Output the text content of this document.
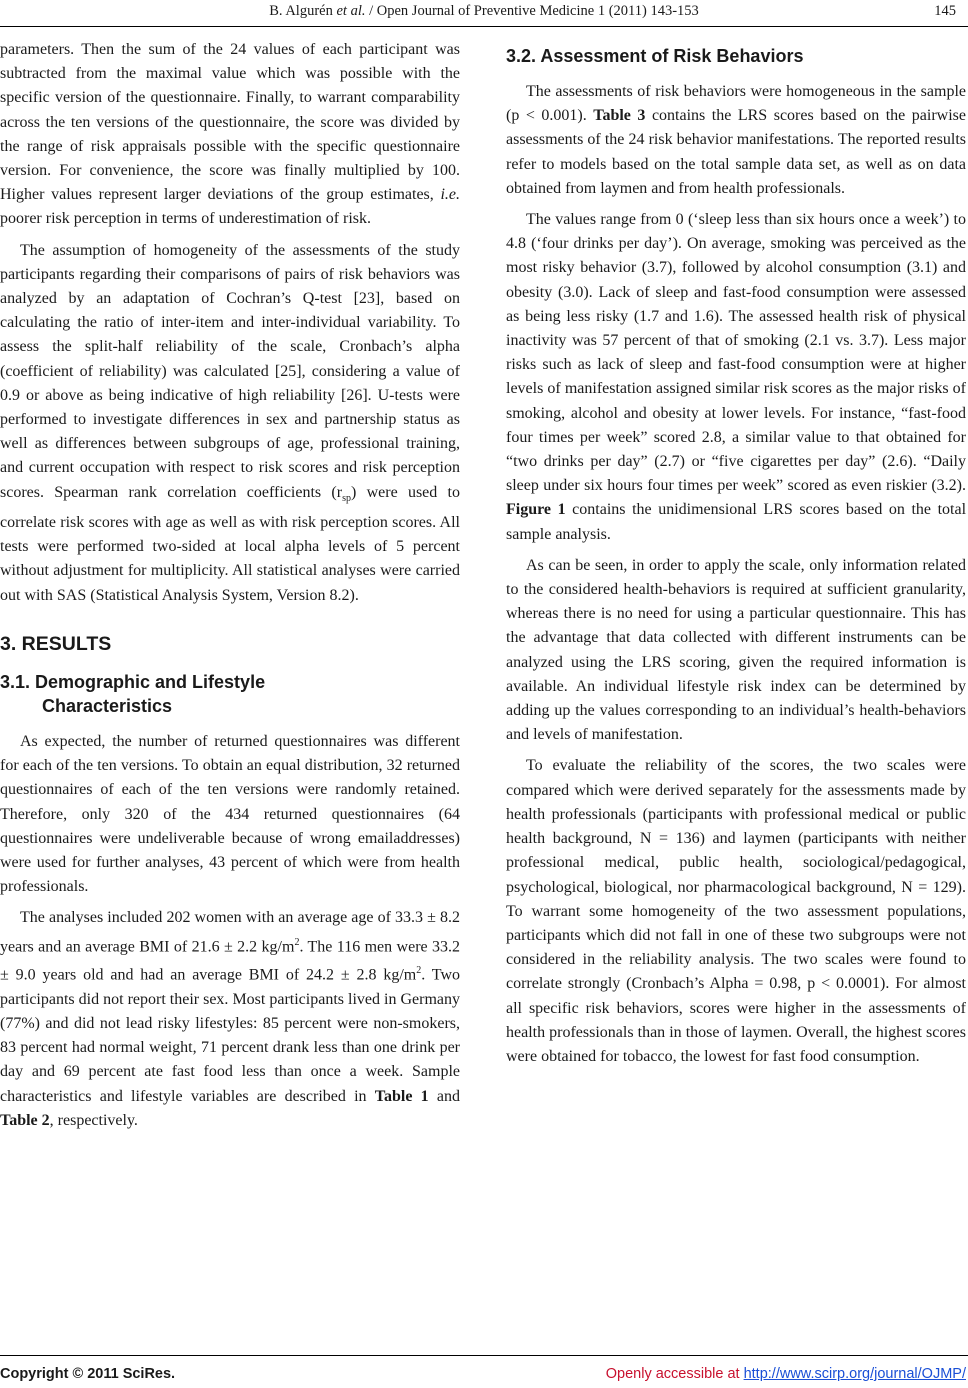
B. Algurén et al. / Open Journal of Preventive Medicine 1 (2011) 143-153	145

parameters. Then the sum of the 24 values of each participant was subtracted from the maximal value which was possible with the specific version of the questionnaire. Finally, to warrant comparability across the ten versions of the questionnaire, the score was divided by the range of risk appraisals possible with the specific questionnaire version. For convenience, the score was finally multiplied by 100. Higher values represent larger deviations of the group estimates, i.e. poorer risk perception in terms of underestimation of risk.

The assumption of homogeneity of the assessments of the study participants regarding their comparisons of pairs of risk behaviors was analyzed by an adaptation of Cochran’s Q-test [23], based on calculating the ratio of inter-item and inter-individual variability. To assess the split-half reliability of the scale, Cronbach’s alpha (coefficient of reliability) was calculated [25], considering a value of 0.9 or above as being indicative of high reliability [26]. U-tests were performed to investigate differences in sex and partnership status as well as differences between subgroups of age, professional training, and current occupation with respect to risk scores and risk perception scores. Spearman rank correlation coefficients $(r_{sp})$ were used to correlate risk scores with age as well as with risk perception scores. All tests were performed two-sided at local alpha levels of 5 percent without adjustment for multiplicity. All statistical analyses were carried out with SAS (Statistical Analysis System, Version 8.2).

3. RESULTS
3.1. Demographic and Lifestyle
Characteristics

As expected, the number of returned questionnaires was different for each of the ten versions. To obtain an equal distribution, 32 returned questionnaires of each of the ten versions were randomly retained. Therefore, only 320 of the 434 returned questionnaires (64 questionnaires were undeliverable because of wrong emailaddresses) were used for further analyses, 43 percent of which were from health professionals.

The analyses included 202 women with an average age of 33.3 ± 8.2 years and an average BMI of 21.6 ± 2.2 $kg/m^2$. The 116 men were 33.2 ± 9.0 years old and had an average BMI of 24.2 ± 2.8 $kg/m^2$. Two participants did not report their sex. Most participants lived in Germany (77%) and did not lead risky lifestyles: 85 percent were non-smokers, 83 percent had normal weight, 71 percent drank less than one drink per day and 69 percent ate fast food less than once a week. Sample characteristics and lifestyle variables are described in Table 1 and Table 2, respectively.

3.2. Assessment of Risk Behaviors

The assessments of risk behaviors were homogeneous in the sample (p < 0.001). Table 3 contains the LRS scores based on the pairwise assessments of the 24 risk behavior manifestations. The reported results refer to models based on the total sample data set, as well as on data obtained from laymen and from health professionals.

The values range from 0 (‘sleep less than six hours once a week’) to 4.8 (‘four drinks per day’). On average, smoking was perceived as the most risky behavior (3.7), followed by alcohol consumption (3.1) and obesity (3.0). Lack of sleep and fast-food consumption were assessed as being less risky (1.7 and 1.6). The assessed health risk of physical inactivity was 57 percent of that of smoking (2.1 vs. 3.7). Less major risks such as lack of sleep and fast-food consumption were at higher levels of manifestation assigned similar risk scores as the major risks of smoking, alcohol and obesity at lower levels. For instance, “fast-food four times per week” scored 2.8, a similar value to that obtained for “two drinks per day” (2.7) or “five cigarettes per day” (2.6). “Daily sleep under six hours four times per week” scored as even riskier (3.2). Figure 1 contains the unidimensional LRS scores based on the total sample analysis.

As can be seen, in order to apply the scale, only information related to the considered health-behaviors is required at sufficient granularity, whereas there is no need for using a particular questionnaire. This has the advantage that data collected with different instruments can be analyzed using the LRS scoring, given the required information is available. An individual lifestyle risk index can be determined by adding up the values corresponding to an individual’s health-behaviors and levels of manifestation.

To evaluate the reliability of the scores, the two scales were compared which were derived separately for the assessments made by health professionals (participants with professional medical or public health background, N = 136) and laymen (participants with neither professional medical, public health, sociological/pedagogical, psychological, biological, nor pharmacological background, N = 129). To warrant some homogeneity of the two assessment populations, participants which did not fall in one of these two subgroups were not considered in the reliability analysis. The two scales were found to correlate strongly (Cronbach’s Alpha = 0.98, p < 0.0001). For almost all specific risk behaviors, scores were higher in the assessments of health professionals than in those of laymen. Overall, the highest scores were obtained for tobacco, the lowest for fast food consumption.

Copyright © 2011 SciRes.	Openly accessible at http://www.scirp.org/journal/OJMP/
